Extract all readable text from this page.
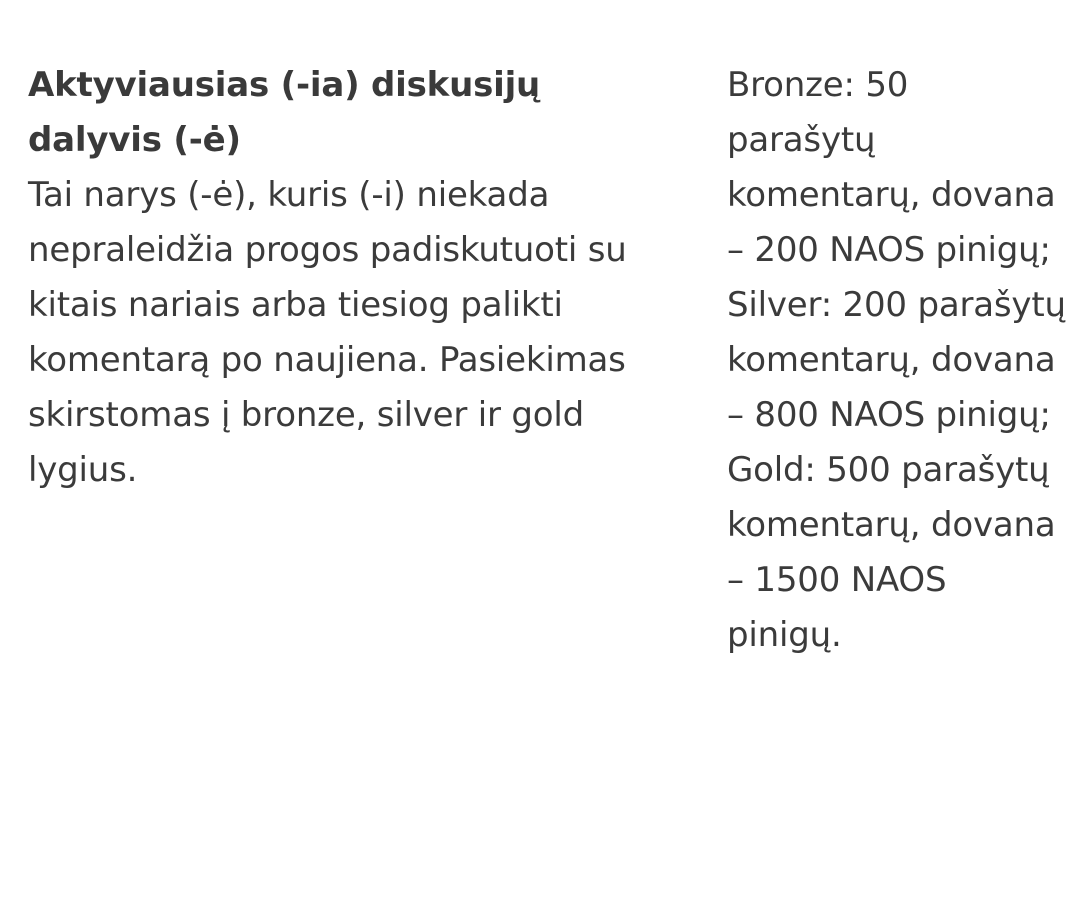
Aktyviausias (-ia) diskusijų dalyvis (-ė)

Tai narys (-ė), kuris (-i) niekada nepraleidžia progos padiskutuoti su kitais nariais arba tiesiog palikti komentarą po naujiena. Pasiekimas skirstomas į bronze, silver ir gold lygius.

Bronze: 50 parašytų komentarų, dovana – 200 NAOS pinigų;
Silver: 200 parašytų komentarų, dovana – 800 NAOS pinigų;
Gold: 500 parašytų komentarų, dovana – 1500 NAOS pinigų.
